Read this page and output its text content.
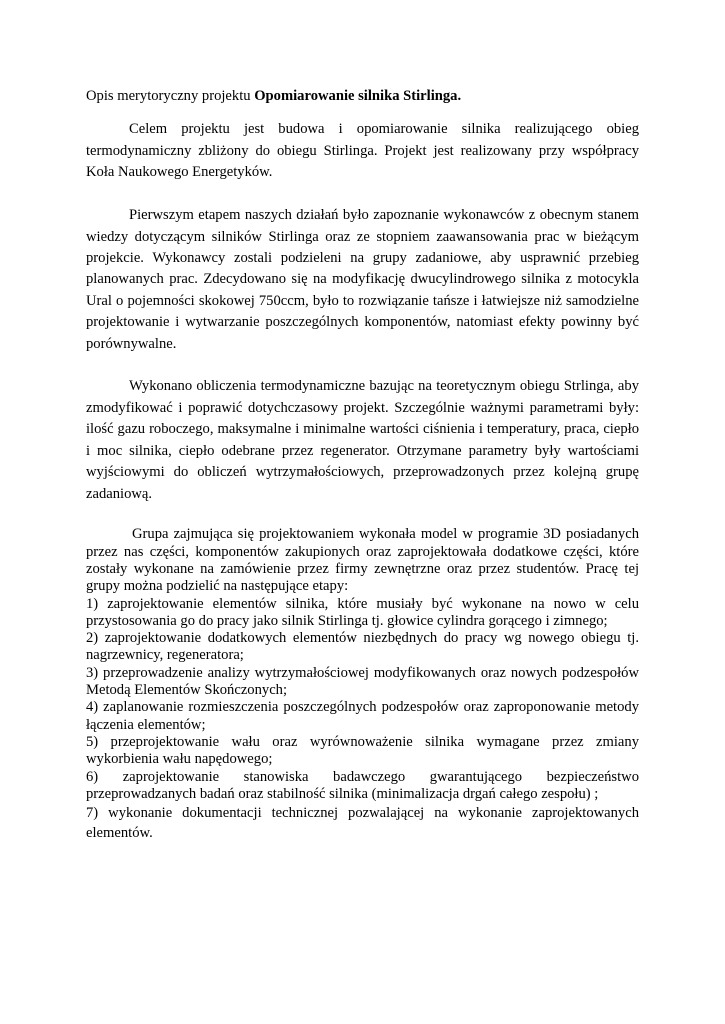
Opis merytoryczny projektu Opomiarowanie silnika Stirlinga.

Celem projektu jest budowa i opomiarowanie silnika realizującego obieg termodynamiczny zbliżony do obiegu Stirlinga. Projekt jest realizowany przy współpracy Koła Naukowego Energetyków.

Pierwszym etapem naszych działań było zapoznanie wykonawców z obecnym stanem wiedzy dotyczącym silników Stirlinga oraz ze stopniem zaawansowania prac w bieżącym projekcie. Wykonawcy zostali podzieleni na grupy zadaniowe, aby usprawnić przebieg planowanych prac. Zdecydowano się na modyfikację dwucylindrowego silnika z motocykla Ural o pojemności skokowej 750ccm, było to rozwiązanie tańsze i łatwiejsze niż samodzielne projektowanie i wytwarzanie poszczególnych komponentów, natomiast efekty powinny być porównywalne.

Wykonano obliczenia termodynamiczne bazując na teoretycznym obiegu Strlinga, aby zmodyfikować i poprawić dotychczasowy projekt. Szczególnie ważnymi parametrami były: ilość gazu roboczego, maksymalne i minimalne wartości ciśnienia i temperatury, praca, ciepło i moc silnika, ciepło odebrane przez regenerator. Otrzymane parametry były wartościami wyjściowymi do obliczeń wytrzymałościowych, przeprowadzonych przez kolejną grupę zadaniową.

Grupa zajmująca się projektowaniem wykonała model w programie 3D posiadanych przez nas części, komponentów zakupionych oraz zaprojektowała dodatkowe części, które zostały wykonane na zamówienie przez firmy zewnętrzne oraz przez studentów. Pracę tej grupy można podzielić na następujące etapy:

1) zaprojektowanie elementów silnika, które musiały być wykonane na nowo w celu przystosowania go do pracy jako silnik Stirlinga tj. głowice cylindra gorącego i zimnego;
2) zaprojektowanie dodatkowych elementów niezbędnych do pracy wg nowego obiegu tj. nagrzewnicy, regeneratora;
3) przeprowadzenie analizy wytrzymałościowej modyfikowanych oraz nowych podzespołów Metodą Elementów Skończonych;
4) zaplanowanie rozmieszczenia poszczególnych podzespołów oraz zaproponowanie metody łączenia elementów;
5) przeprojektowanie wału oraz wyrównoważenie silnika wymagane przez zmiany wykorbienia wału napędowego;
6) zaprojektowanie stanowiska badawczego gwarantującego bezpieczeństwo przeprowadzanych badań oraz stabilność silnika (minimalizacja drgań całego zespołu) ;
7) wykonanie dokumentacji technicznej pozwalającej na wykonanie zaprojektowanych elementów.
